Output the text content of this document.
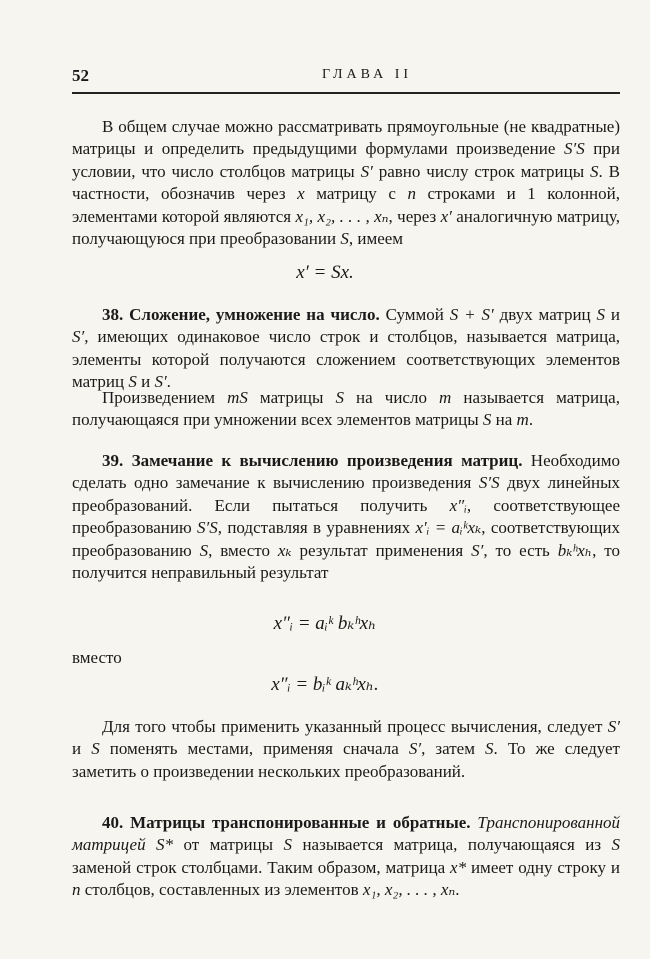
52	ГЛАВА II

В общем случае можно рассматривать прямоугольные (не квадратные) матрицы и определить предыдущими формулами произведение S′S при условии, что число столбцов матрицы S′ равно числу строк матрицы S. В частности, обозначив через x матрицу с n строками и 1 колонной, элементами которой являются x₁, x₂, . . . , xₙ, через x′ аналогичную матрицу, получающуюся при преобразовании S, имеем

x′ = Sx.

38. Сложение, умножение на число. Суммой S + S′ двух матриц S и S′, имеющих одинаковое число строк и столбцов, называется матрица, элементы которой получаются сложением соответствующих элементов матриц S и S′.

Произведением mS матрицы S на число m называется матрица, получающаяся при умножении всех элементов матрицы S на m.

39. Замечание к вычислению произведения матриц. Необходимо сделать одно замечание к вычислению произведения S′S двух линейных преобразований. Если пытаться получить x″ᵢ, соответствующее преобразованию S′S, подставляя в уравнениях x′ᵢ = aᵢᵏxₖ, соответствующих преобразованию S, вместо xₖ результат применения S′, то есть bₖʰxₕ, то получится неправильный результат

x″ᵢ = aᵢᵏ bₖʰxₕ
вместо
x″ᵢ = bᵢᵏ aₖʰxₕ.

Для того чтобы применить указанный процесс вычисления, следует S′ и S поменять местами, применяя сначала S′, затем S. То же следует заметить о произведении нескольких преобразований.

40. Матрицы транспонированные и обратные. Транспонированной матрицей S* от матрицы S называется матрица, получающаяся из S заменой строк столбцами. Таким образом, матрица x* имеет одну строку и n столбцов, составленных из элементов x₁, x₂, . . . , xₙ.
